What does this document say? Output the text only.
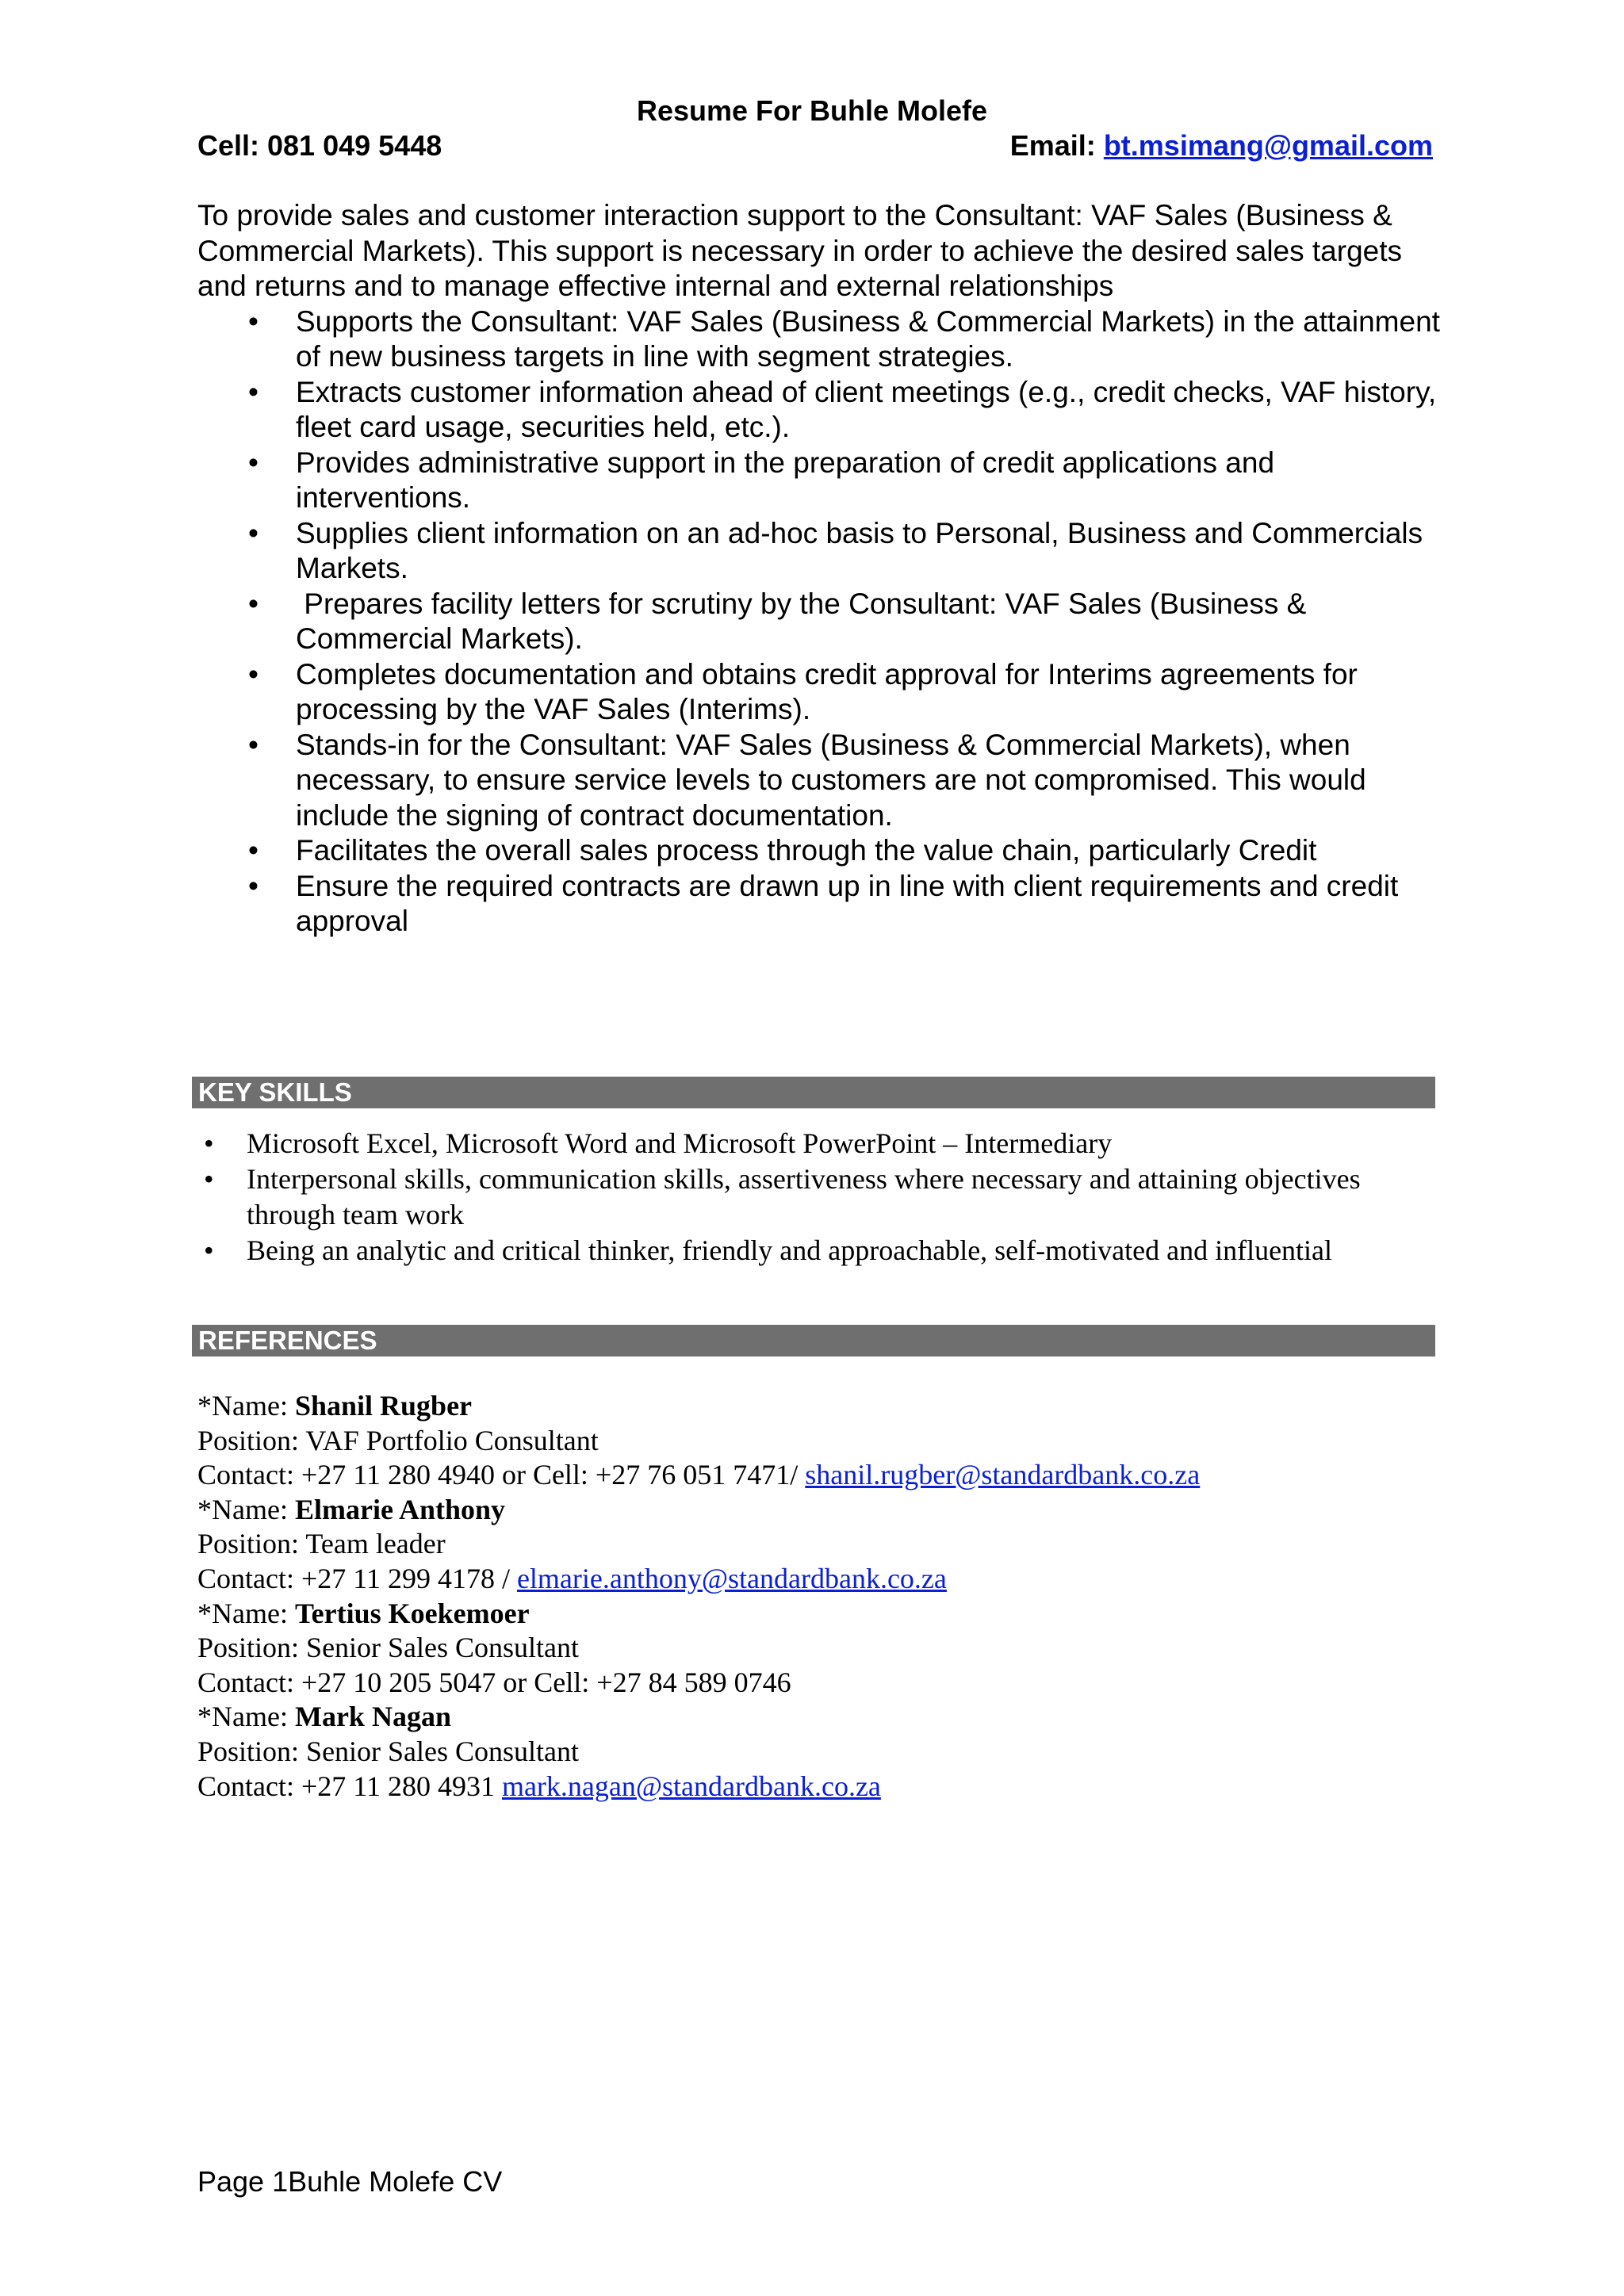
Resume For Buhle Molefe
Cell: 081 049 5448	Email: bt.msimang@gmail.com

To provide sales and customer interaction support to the Consultant: VAF Sales (Business & Commercial Markets). This support is necessary in order to achieve the desired sales targets and returns and to manage effective internal and external relationships

• Supports the Consultant: VAF Sales (Business & Commercial Markets) in the attainment of new business targets in line with segment strategies.
• Extracts customer information ahead of client meetings (e.g., credit checks, VAF history, fleet card usage, securities held, etc.).
• Provides administrative support in the preparation of credit applications and interventions.
• Supplies client information on an ad-hoc basis to Personal, Business and Commercials Markets.
• Prepares facility letters for scrutiny by the Consultant: VAF Sales (Business & Commercial Markets).
• Completes documentation and obtains credit approval for Interims agreements for processing by the VAF Sales (Interims).
• Stands-in for the Consultant: VAF Sales (Business & Commercial Markets), when necessary, to ensure service levels to customers are not compromised. This would include the signing of contract documentation.
• Facilitates the overall sales process through the value chain, particularly Credit
• Ensure the required contracts are drawn up in line with client requirements and credit approval
KEY SKILLS
• Microsoft Excel, Microsoft Word and Microsoft PowerPoint – Intermediary
• Interpersonal skills, communication skills, assertiveness where necessary and attaining objectives through team work
• Being an analytic and critical thinker, friendly and approachable, self-motivated and influential
REFERENCES
*Name: Shanil Rugber
Position: VAF Portfolio Consultant
Contact: +27 11 280 4940 or Cell: +27 76 051 7471/ shanil.rugber@standardbank.co.za
*Name: Elmarie Anthony
Position: Team leader
Contact: +27 11 299 4178 / elmarie.anthony@standardbank.co.za
*Name: Tertius Koekemoer
Position: Senior Sales Consultant
Contact: +27 10 205 5047 or Cell: +27 84 589 0746
*Name: Mark Nagan
Position: Senior Sales Consultant
Contact: +27 11 280 4931 mark.nagan@standardbank.co.za
Page 1Buhle Molefe CV
